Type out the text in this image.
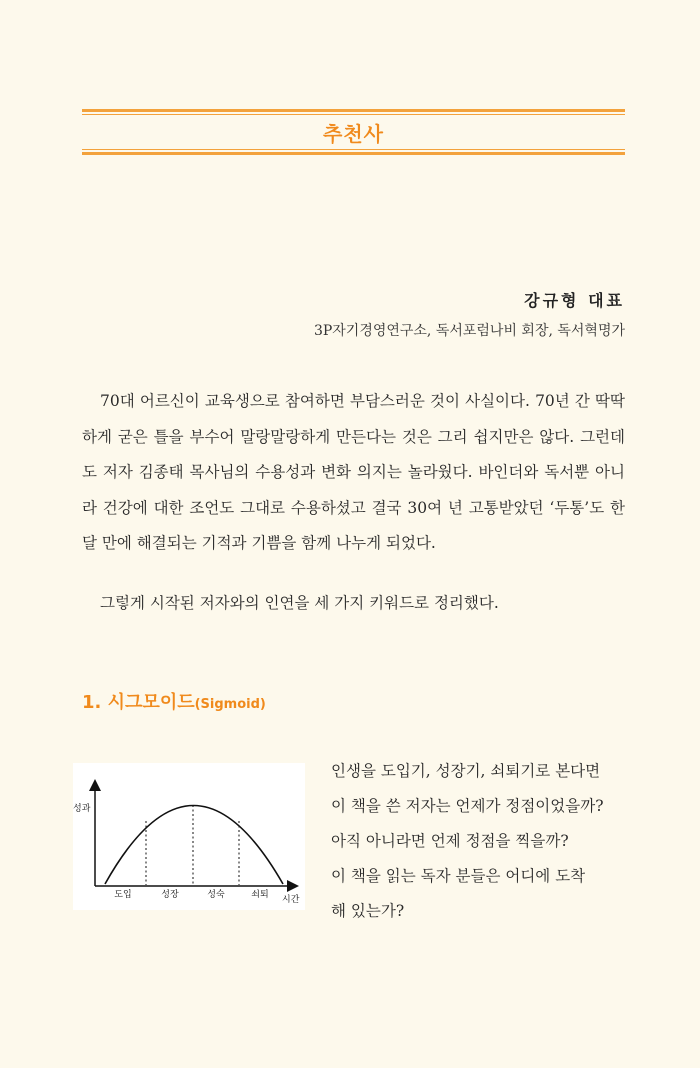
추천사
강규형 대표
3P자기경영연구소, 독서포럼나비 회장, 독서혁명가

70대 어르신이 교육생으로 참여하면 부담스러운 것이 사실이다. 70년 간 딱딱하게 굳은 틀을 부수어 말랑말랑하게 만든다는 것은 그리 쉽지만은 않다. 그런데도 저자 김종태 목사님의 수용성과 변화 의지는 놀라웠다. 바인더와 독서뿐 아니라 건강에 대한 조언도 그대로 수용하셨고 결국 30여 년 고통받았던 ‘두통’도 한 달 만에 해결되는 기적과 기쁨을 함께 나누게 되었다.

그렇게 시작된 저자와의 인연을 세 가지 키워드로 정리했다.

1. 시그모이드(Sigmoid)
성과
시간
도입	성장	성숙	쇠퇴
인생을 도입기, 성장기, 쇠퇴기로 본다면
이 책을 쓴 저자는 언제가 정점이었을까?
아직 아니라면 언제 정점을 찍을까?
이 책을 읽는 독자 분들은 어디에 도착
해 있는가?
